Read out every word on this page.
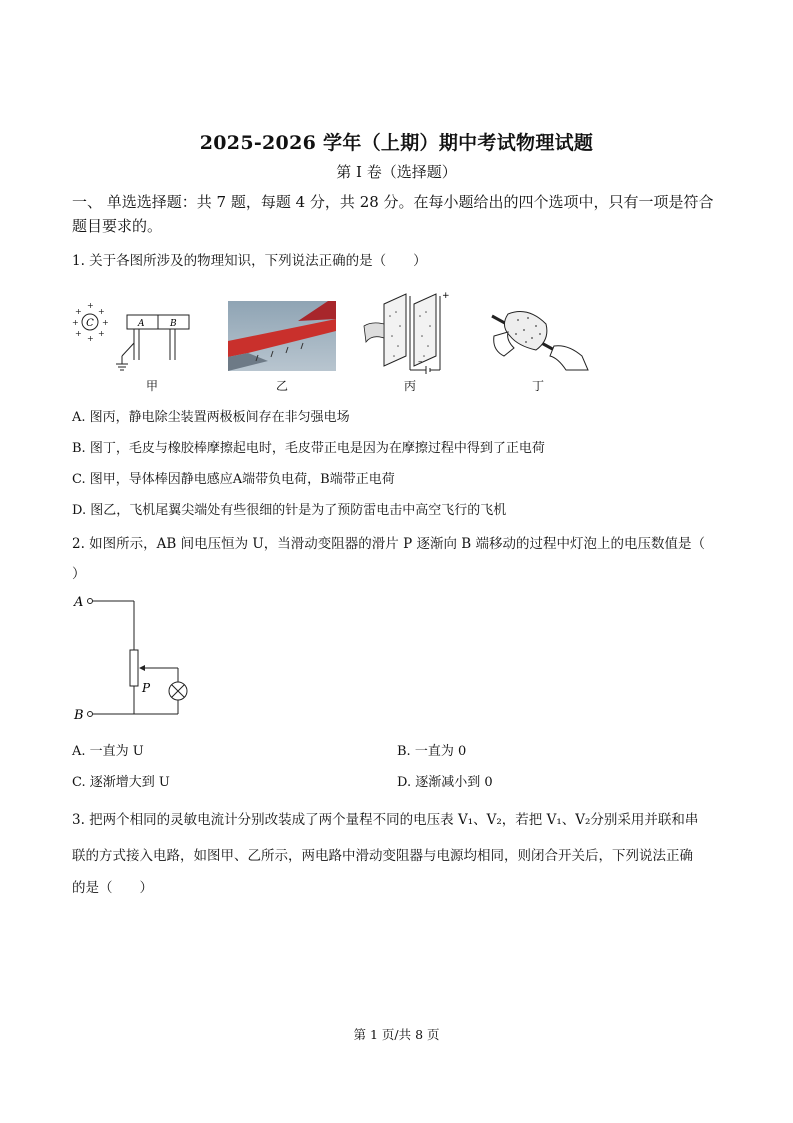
2025-2026 学年（上期）期中考试物理试题
第 I 卷（选择题）
一、 单选选择题：共 7 题，每题 4 分，共 28 分。在每小题给出的四个选项中，只有一项是符合题目要求的。
1. 关于各图所涉及的物理知识，下列说法正确的是（　　）
C
+
+ +
+	+
+ +
+
A	B
甲	乙
+
–
丙	丁
A. 图丙，静电除尘装置两极板间存在非匀强电场
B. 图丁，毛皮与橡胶棒摩擦起电时，毛皮带正电是因为在摩擦过程中得到了正电荷
C. 图甲，导体棒因静电感应A端带负电荷，B端带正电荷
D. 图乙，飞机尾翼尖端处有些很细的针是为了预防雷电击中高空飞行的飞机
2. 如图所示，AB 间电压恒为 U，当滑动变阻器的滑片 P 逐渐向 B 端移动的过程中灯泡上的电压数值是（
）
A
B
P
A. 一直为 U	B. 一直为 0
C. 逐渐增大到 U	D. 逐渐减小到 0
3. 把两个相同的灵敏电流计分别改装成了两个量程不同的电压表 V₁、V₂，若把 V₁、V₂分别采用并联和串
联的方式接入电路，如图甲、乙所示，两电路中滑动变阻器与电源均相同，则闭合开关后，下列说法正确
的是（　　）
第 1 页/共 8 页
